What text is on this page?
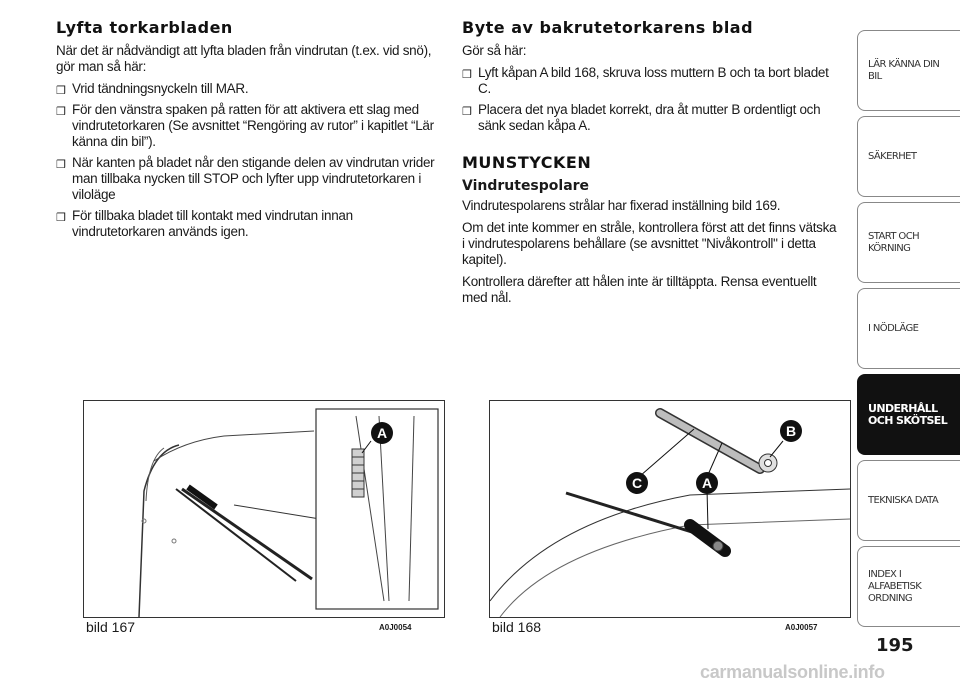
Lyfta torkarbladen

När det är nådvändigt att lyfta bladen från vindrutan (t.ex. vid snö), gör man så här:

❒ Vrid tändningsnyckeln till MAR.
❒ För den vänstra spaken på ratten för att aktivera ett slag med vindrutetorkaren (Se avsnittet “Rengöring av rutor” i kapitlet “Lär känna din bil”).
❒ När kanten på bladet når den stigande delen av vindrutan vrider man tillbaka nycken till STOP och lyfter upp vindrutetorkaren i viloläge
❒ För tillbaka bladet till kontakt med vindrutan innan vindrutetorkaren används igen.
Byte av bakrutetorkarens blad

Gör så här:

❒ Lyft kåpan A bild 168, skruva loss muttern B och ta bort bladet C.
❒ Placera det nya bladet korrekt, dra åt mutter B ordentligt och sänk sedan kåpa A.
MUNSTYCKEN
Vindrutespolare

Vindrutespolarens strålar har fixerad inställning bild 169.

Om det inte kommer en stråle, kontrollera först att det finns vätska i vindrutespolarens behållare (se avsnittet "Nivåkontroll" i detta kapitel).

Kontrollera därefter att hålen inte är tilltäppta. Rensa eventuellt med nål.

A
bild 167	A0J0054
B
C	A
bild 168	A0J0057
LÄR KÄNNA DIN BIL
SÄKERHET
START OCH KÖRNING
I NÖDLÄGE
UNDERHÅLL OCH SKÖTSEL
TEKNISKA DATA
INDEX I ALFABETISK ORDNING
195
carmanualsonline.info
